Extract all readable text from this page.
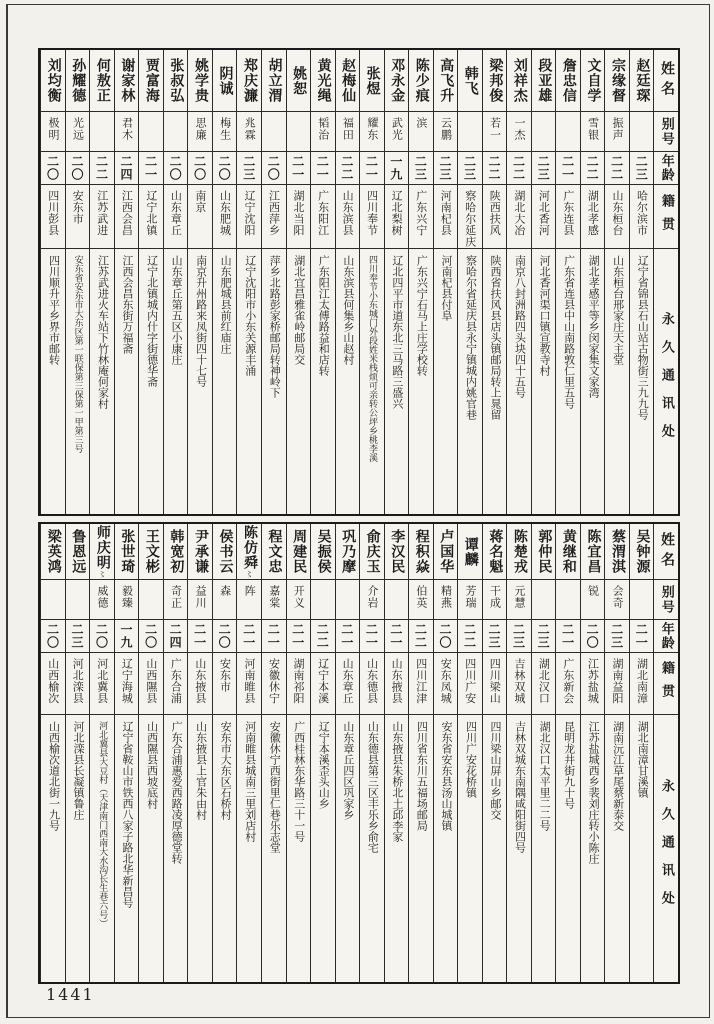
姓名
别号
年龄
籍贯
永久通讯处
赵廷琛
二三
哈尔滨市
辽宁省锦县石山站古物街三九九号
宗缘督
振声
二二
山东桓台
山东桓台邢家庄天主堂
文自学
雪银
二二
湖北孝感
湖北孝感平等乡闵家集文家湾
詹忠信
二一
广东连县
广东省连县中山南路敦仁里五号
段亚雄
二三
河北香河
河北香河渠口镇宣教寺村
刘祥杰
一杰
二二
湖北大冶
南京八封洲路四头块四十五号
梁邦俊
若一
二二
陕西扶风
陕西省扶风县店头镇邮局转上晁留
韩飞
二三
察哈尔延庆
察哈尔省延庆县永宁镇城内姚官巷
高飞升
云鹏
二三
河南杞县
河南杞县付阜
陈少痕
滨
二三
广东兴宁
广东兴宁石马上庄学校转
邓永金
武光
一九
辽北梨树
辽北四平市道东北三马路三盛兴
张煜
耀东
二一
四川奉节
四川奉节小东城门外段姓米栈烦可亲转公坪乡桃李溪
赵梅仙
福田
二二
山东滨县
山东滨县何集乡山赵村
黄光绳
韬治
二一
广东阳江
广东阳江太傅路益和店转
姚恕
二一
湖北当阳
湖北宜昌雅雀岭邮局交
胡立渭
二〇
江西萍乡
萍乡北路彭家桥邮局转神岭下
郑庆濂
兆霖
二三
辽宁沈阳
辽宁沈阳市小东关源丰涌
阴诚
梅生
二〇
山东肥城
山东肥城县前红庙庄
姚学贵
思廉
二〇
南京
南京升州路来凤街四十七号
张叔弘
二〇
山东章丘
山东章丘第五区小康庄
贾富海
二一
辽宁北镇
辽宁北镇城内什字街德华斋
谢家林
君木
二四
江西会昌
江西会昌东街万福斋
何敖正
二二
江苏武进
江苏武进火车站下竹林庵何家村
孙耀德
光远
二〇
安东市
安东省安东市大东区第一联保第三保第一甲第三号
刘均衡
极明
二〇
四川彭县
四川顺升平乡界市邮转
姓名
别号
年龄
籍贯
永久通讯处
吴钟源
二一
湖北南漳
湖北南漳甘溪镇
蔡渭淇
会奇
二三
湖南益阳
湖南沅江草尾蔡新泰交
陈宜昌
锐
二〇
江苏盐城
江苏盐城西乡裴刘庄转小陈庄
黄继和
二一
广东新会
昆明龙井街九十号
郭仲民
二三
湖北汉口
湖北汉口太平里二二号
陈楚戎
元慧
二三
吉林双城
吉林双城东南隅咸阳街四号
蒋名魁
干成
二三
四川梁山
四川梁山屏山乡邮交
谭麟
芳瑞
二二
四川广安
四川广安花桥镇
卢国华
精燕
二〇
安东凤城
安东省安东县汤山城镇
程积焱
伯英
二二
四川江津
四川省东川五福场邮局
李汉民
二一
山东掖县
山东掖县朱桥北土邱李家
俞庆玉
介岩
二一
山东德县
山东德县第三区丰乐乡俞宅
巩乃摩
二一
山东章丘
山东章丘四区巩家乡
吴振侯
二二
辽宁本溪
辽宁本溪歪头山乡
周建民
开义
二一
湖南祁阳
广西桂林东华路三十一号
程文忠
嘉棠
二一
安徽休宁
安徽休宁西街里仁巷乐志堂
陈仿舜
〻
阵
二一
河南睢县
河南睢县城南三里刘店村
侯书云
森
二〇
安东市
安东市大东区石桥村
尹承谦
益川
二一
山东掖县
山东掖县上官朱由村
韩宽初
奇正
二四
广东合浦
广东合浦惠爱西路凌厚德堂转
王文彬
二〇
山西隰县
山西隰县西坡底村
张世琦
毅臻
一九
辽宁海城
辽宁省鞍山市铁西八家子路北华新昌号
师庆明
〻
威德
二〇
河北冀县
河北冀县大豆村（天津南门西南大水沟长生巷六号）
鲁恩远
二三
河北滦县
河北滦县长凝镇鲁庄
梁英鸿
二〇
山西榆次
山西榆次道北街一九号
1441
